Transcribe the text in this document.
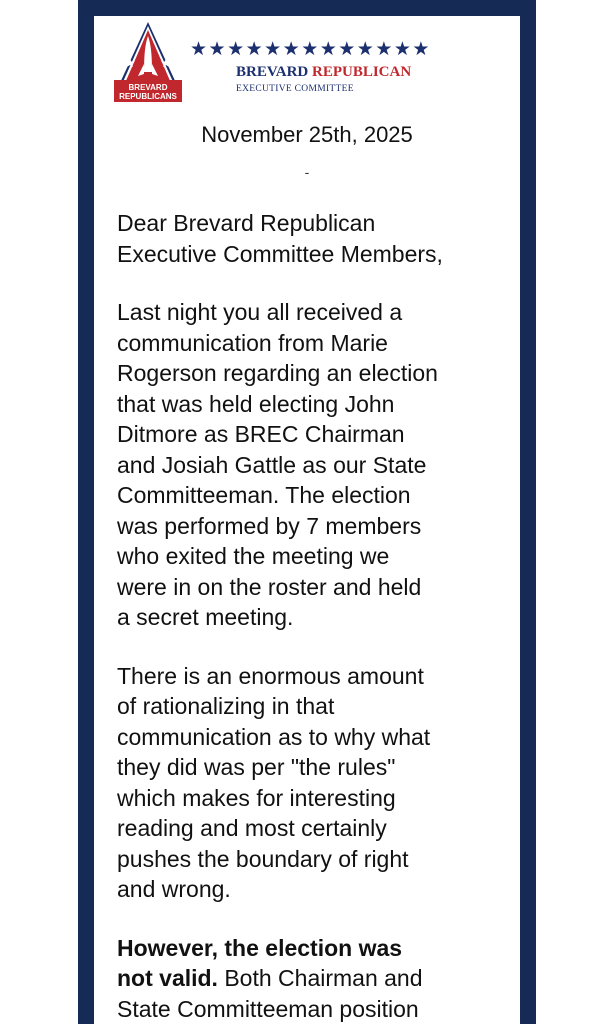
BREVARD
REPUBLICANS
★★★★★★★★★★★★★
BREVARD REPUBLICAN
EXECUTIVE COMMITTEE
November 25th, 2025
-

Dear Brevard Republican
Executive Committee Members,

Last night you all received a
communication from Marie
Rogerson regarding an election
that was held electing John
Ditmore as BREC Chairman
and Josiah Gattle as our State
Committeeman. The election
was performed by 7 members
who exited the meeting we
were in on the roster and held
a secret meeting.

There is an enormous amount
of rationalizing in that
communication as to why what
they did was per "the rules"
which makes for interesting
reading and most certainly
pushes the boundary of right
and wrong.

However, the election was
not valid. Both Chairman and
State Committeeman position
